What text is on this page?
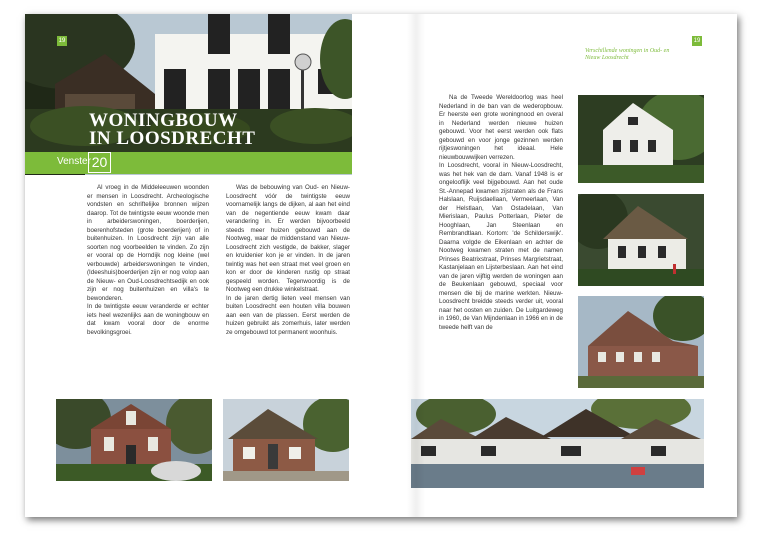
19
WONINGBOUW
IN LOOSDRECHT
Venster 20

Al vroeg in de Middeleeuwen woonden er mensen in Loosdrecht. Archeologische vondsten en schriftelijke bronnen wijzen daarop. Tot de twintigste eeuw woonde men in arbeiderswoningen, boerderijen, boerenhofsteden (grote boerderijen) of in buitenhuizen. In Loosdrecht zijn van alle soorten nog voorbeelden te vinden. Zo zijn er vooral op de Horndijk nog kleine (wel verbouwde) arbeiderswoningen te vinden, (Ideeshuis)boerderijen zijn er nog volop aan de Nieuw- en Oud-Loosdrechtsedijk en ook zijn er nog buitenhuizen en villa's te bewonderen.

In de twintigste eeuw veranderde er echter iets heel wezenlijks aan de woningbouw en dat kwam vooral door de enorme bevolkingsgroei.

Was de bebouwing van Oud- en Nieuw-Loosdrecht vóór de twintigste eeuw voornamelijk langs de dijken, al aan het eind van de negentiende eeuw kwam daar verandering in. Er werden bijvoorbeeld steeds meer huizen gebouwd aan de Nootweg, waar de middenstand van Nieuw-Loosdrecht zich vestigde, de bakker, slager en kruidenier kon je er vinden. In de jaren twintig was het een straat met veel groen en kon er door de kinderen rustig op straat gespeeld worden. Tegenwoordig is de Nootweg een drukke winkelstraat.

In de jaren dertig lieten veel mensen van buiten Loosdrecht een houten villa bouwen aan een van de plassen. Eerst werden de huizen gebruikt als zomerhuis, later werden ze omgebouwd tot permanent woonhuis.

Verschillende woningen in Oud- en Nieuw Loosdrecht
19

Na de Tweede Wereldoorlog was heel Nederland in de ban van de wederopbouw. Er heerste een grote woningnood en overal in Nederland werden nieuwe huizen gebouwd. Voor het eerst werden ook flats gebouwd en voor jonge gezinnen werden rijtjeswoningen het ideaal. Hele nieuwbouwwijken verrezen.

In Loosdrecht, vooral in Nieuw-Loosdrecht, was het hek van de dam. Vanaf 1948 is er ongelooflijk veel bijgebouwd. Aan het oude St.-Annepad kwamen zijstraten als de Frans Halslaan, Ruijsdaellaan, Vermeerlaan, Van der Helstlaan, Van Ostadelaan, Van Mierislaan, Paulus Potterlaan, Pieter de Hooghlaan, Jan Steenlaan en Rembrandtlaan. Kortom: 'de Schilderswijk'. Daarna volgde de Eikenlaan en achter de Nootweg kwamen straten met de namen Prinses Beatrixstraat, Prinses Margrietstraat, Kastanjelaan en Lijsterbeslaan. Aan het eind van de jaren vijftig werden de woningen aan de Beukenlaan gebouwd, speciaal voor mensen die bij de marine werkten. Nieuw-Loosdrecht breidde steeds verder uit, vooral naar het oosten en zuiden. De Luitgardeweg in 1960, de Van Mijndenlaan in 1966 en in de tweede helft van de
